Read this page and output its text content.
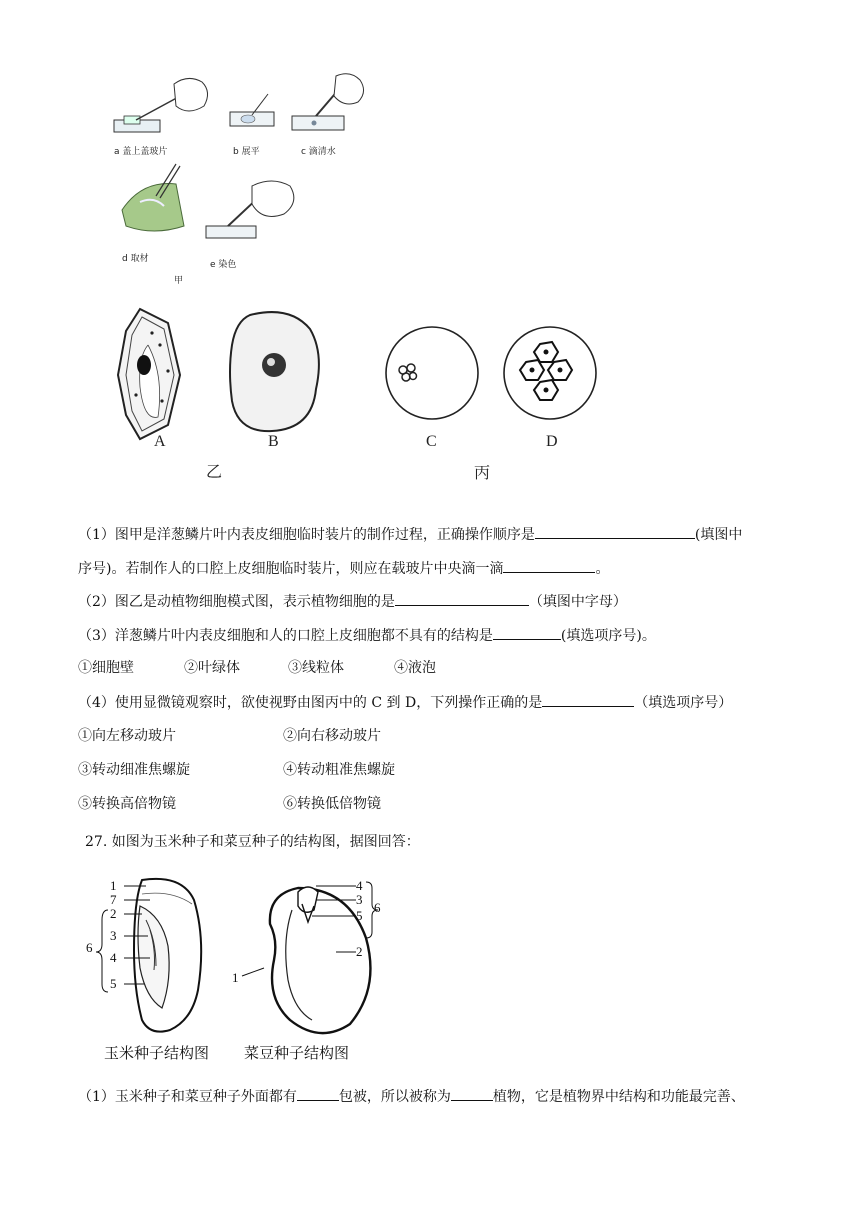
a 盖上盖玻片	b 展平	c 滴清水
d 取材
e 染色
甲
A	B
乙
C	D
丙
（1）图甲是洋葱鳞片叶内表皮细胞临时装片的制作过程，正确操作顺序是	(填图中
序号)。若制作人的口腔上皮细胞临时装片，则应在载玻片中央滴一滴	。
（2）图乙是动植物细胞模式图，表示植物细胞的是	（填图中字母）
（3）洋葱鳞片叶内表皮细胞和人的口腔上皮细胞都不具有的结构是	(填选项序号)。
①细胞壁	②叶绿体	③线粒体	④液泡
（4）使用显微镜观察时，欲使视野由图丙中的 C 到 D，下列操作正确的是	（填选项序号）
①向左移动玻片	②向右移动玻片
③转动细准焦螺旋	④转动粗准焦螺旋
⑤转换高倍物镜	⑥转换低倍物镜
27. 如图为玉米种子和菜豆种子的结构图，据图回答：
1
7
2
3
4
5
6
4
3
5
6
2
1
玉米种子结构图 菜豆种子结构图
（1）玉米种子和菜豆种子外面都有	包被，所以被称为	植物，它是植物界中结构和功能最完善、
